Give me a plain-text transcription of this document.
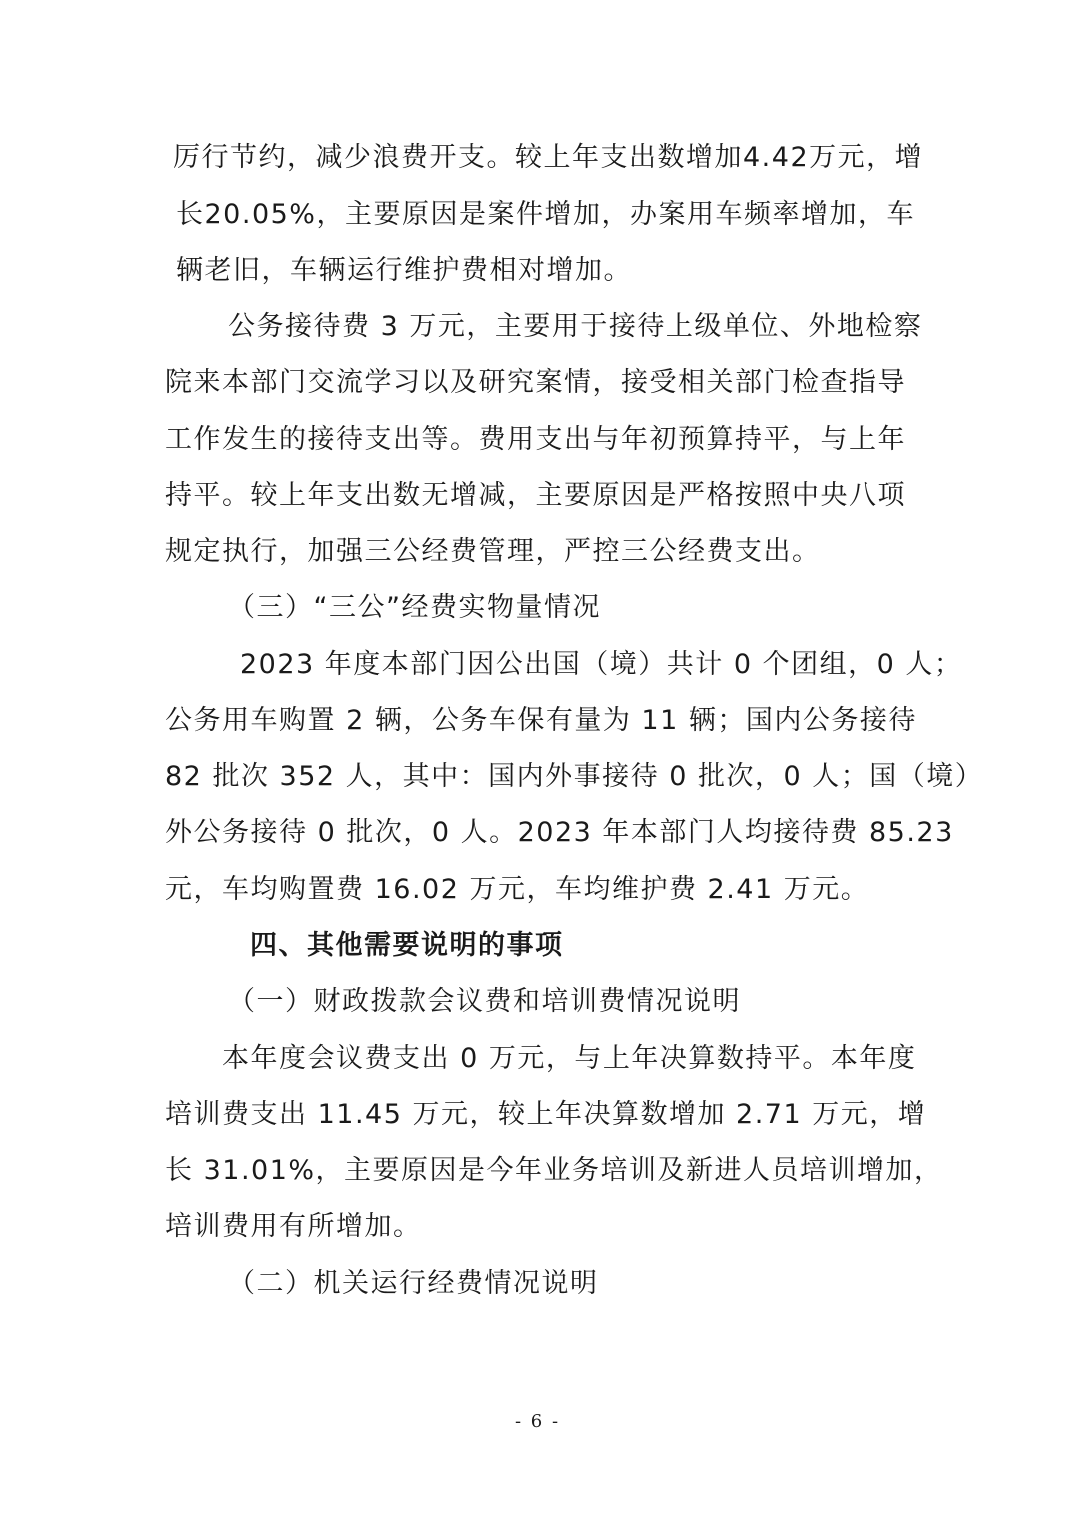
厉行节约，减少浪费开支。较上年支出数增加4.42万元，增
长20.05%，主要原因是案件增加，办案用车频率增加，车
辆老旧，车辆运行维护费相对增加。
公务接待费 3 万元，主要用于接待上级单位、外地检察
院来本部门交流学习以及研究案情，接受相关部门检查指导
工作发生的接待支出等。费用支出与年初预算持平，与上年
持平。较上年支出数无增减，主要原因是严格按照中央八项
规定执行，加强三公经费管理，严控三公经费支出。
（三）“三公”经费实物量情况
2023 年度本部门因公出国（境）共计 0 个团组，0 人；
公务用车购置 2 辆，公务车保有量为 11 辆；国内公务接待
82 批次 352 人，其中：国内外事接待 0 批次，0 人；国（境）
外公务接待 0 批次，0 人。2023 年本部门人均接待费 85.23
元，车均购置费 16.02 万元，车均维护费 2.41 万元。
四、其他需要说明的事项
（一）财政拨款会议费和培训费情况说明
本年度会议费支出 0 万元，与上年决算数持平。本年度
培训费支出 11.45 万元，较上年决算数增加 2.71 万元，增
长 31.01%，主要原因是今年业务培训及新进人员培训增加，
培训费用有所增加。
（二）机关运行经费情况说明
- 6 -
